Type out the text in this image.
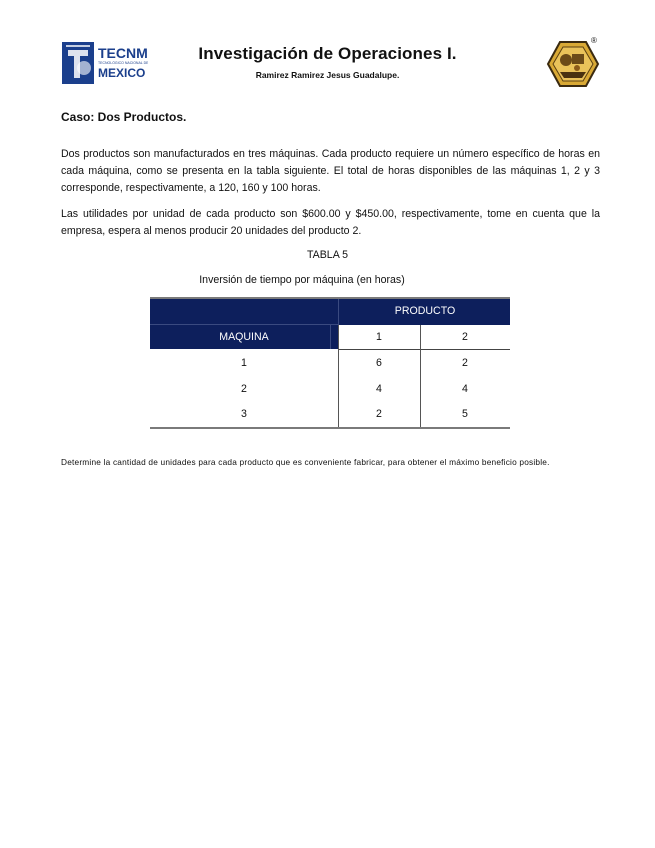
TECNM
TECNOLÓGICO NACIONAL DE
MEXICO
Investigación de Operaciones I.
Ramirez Ramirez Jesus Guadalupe.
®
Caso: Dos Productos.
Dos productos son manufacturados en tres máquinas. Cada producto requiere un número específico de horas en cada máquina, como se presenta en la tabla siguiente. El total de horas disponibles de las máquinas 1, 2 y 3 corresponde, respectivamente, a 120, 160 y 100 horas.
Las utilidades por unidad de cada producto son $600.00 y $450.00, respectivamente, tome en cuenta que la empresa, espera al menos producir 20 unidades del producto 2.
TABLA 5
Inversión de tiempo por máquina (en horas)
PRODUCTO
MAQUINA	1	2
1	6	2
2	4	4
3	2	5
Determine la cantidad de unidades para cada producto que es conveniente fabricar, para obtener el máximo beneficio posible.
